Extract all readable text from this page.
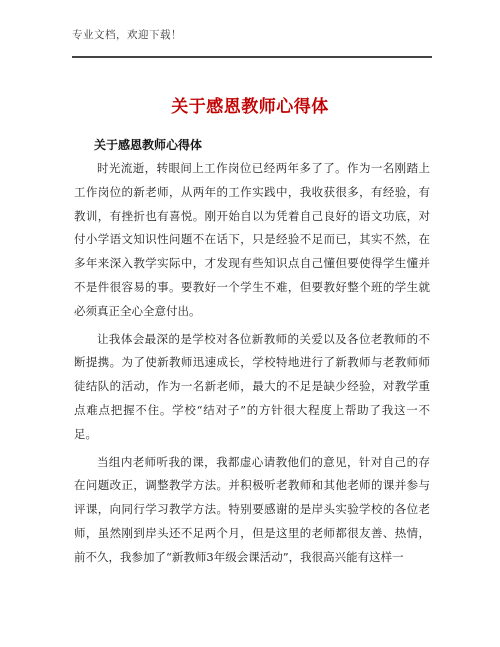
专业文档，欢迎下载！
关于感恩教师心得体
关于感恩教师心得体

时光流逝，转眼间上工作岗位已经两年多了了。作为一名刚踏上工作岗位的新老师，从两年的工作实践中，我收获很多，有经验，有教训，有挫折也有喜悦。刚开始自以为凭着自己良好的语文功底，对付小学语文知识性问题不在话下，只是经验不足而已，其实不然，在多年来深入教学实际中，才发现有些知识点自己懂但要使得学生懂并不是件很容易的事。要教好一个学生不难，但要教好整个班的学生就必须真正全心全意付出。

让我体会最深的是学校对各位新教师的关爱以及各位老教师的不断提携。为了使新教师迅速成长，学校特地进行了新教师与老教师师徒结队的活动，作为一名新老师，最大的不足是缺少经验，对教学重点难点把握不住。学校“结对子”的方针很大程度上帮助了我这一不足。

当组内老师听我的课，我都虚心请教他们的意见，针对自己的存在问题改正，调整教学方法。并积极听老教师和其他老师的课并参与评课，向同行学习教学方法。特别要感谢的是岸头实验学校的各位老师，虽然刚到岸头还不足两个月，但是这里的老师都很友善、热情，前不久，我参加了“新教师3年级会课活动”，我很高兴能有这样一
